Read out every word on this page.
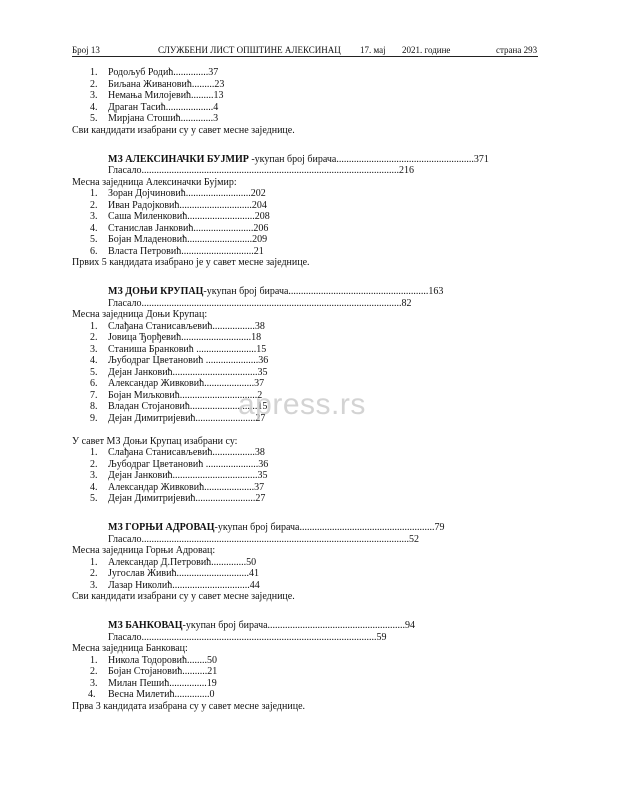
Број 13	СЛУЖБЕНИ ЛИСТ ОПШТИНЕ АЛЕКСИНАЦ 17. мај 2021. године	страна 293
1.	Родољуб Родић..............37
2.	Биљана Живановић.........23
3.	Немања Милојевић.........13
4.	Драган Тасић...................4
5.	Мирјана Стошић.............3
Сви кандидати изабрани су у савет месне заједнице.
МЗ АЛЕКСИНАЧКИ БУЈМИР -укупан број бирача.......................................................371
Гласало.......................................................................................................216
Месна заједница Алексиначки Бујмир:
1.	Зоран Дојчиновић..........................202
2.	Иван Радојковић.............................204
3.	Саша Миленковић...........................208
4.	Станислав Јанковић........................206
5.	Бојан Младеновић..........................209
6.	Власта Петровић.............................21
Првих 5 кандидата изабрано је у савет месне заједнице.
МЗ ДОЊИ КРУПАЦ-укупан број бирача........................................................163
Гласало........................................................................................................82
Месна заједница Доњи Крупац:
1.	Слађана Станисављевић.................38
2.	Јовица Ђорђевић............................18
3.	Станиша Бранковић ........................15
4.	Љубодраг Цветановић .....................36
5.	Дејан Јанковић..................................35
6.	Александар Живковић....................37
7.	Бојан Миљковић...............................2
8.	Владан Стојановић...........................15
9.	Дејан Димитријевић........................27
У савет МЗ Доњи Крупац изабрани су:
1.	Слађана Станисављевић.................38
2.	Љубодраг Цветановић .....................36
3.	Дејан Јанковић..................................35
4.	Александар Живковић....................37
5.	Дејан Димитријевић........................27
МЗ ГОРЊИ АДРОВАЦ-укупан број бирача......................................................79
Гласало...........................................................................................................52
Месна заједница Горњи Адровац:
1.	Александар Д.Петровић..............50
2.	Југослав Живић.............................41
3.	Лазар Николић...............................44
Сви кандидати изабрани су у савет месне заједнице.
МЗ БАНКОВАЦ-укупан број бирача.......................................................94
Гласало..............................................................................................59
Месна заједница Банковац:
1.	Никола Тодоровић........50
2.	Бојан Стојановић..........21
3.	Милан Пешић...............19
4.	Весна Милетић..............0
Прва 3 кандидата изабрана су у савет месне заједнице.
apress.rs
